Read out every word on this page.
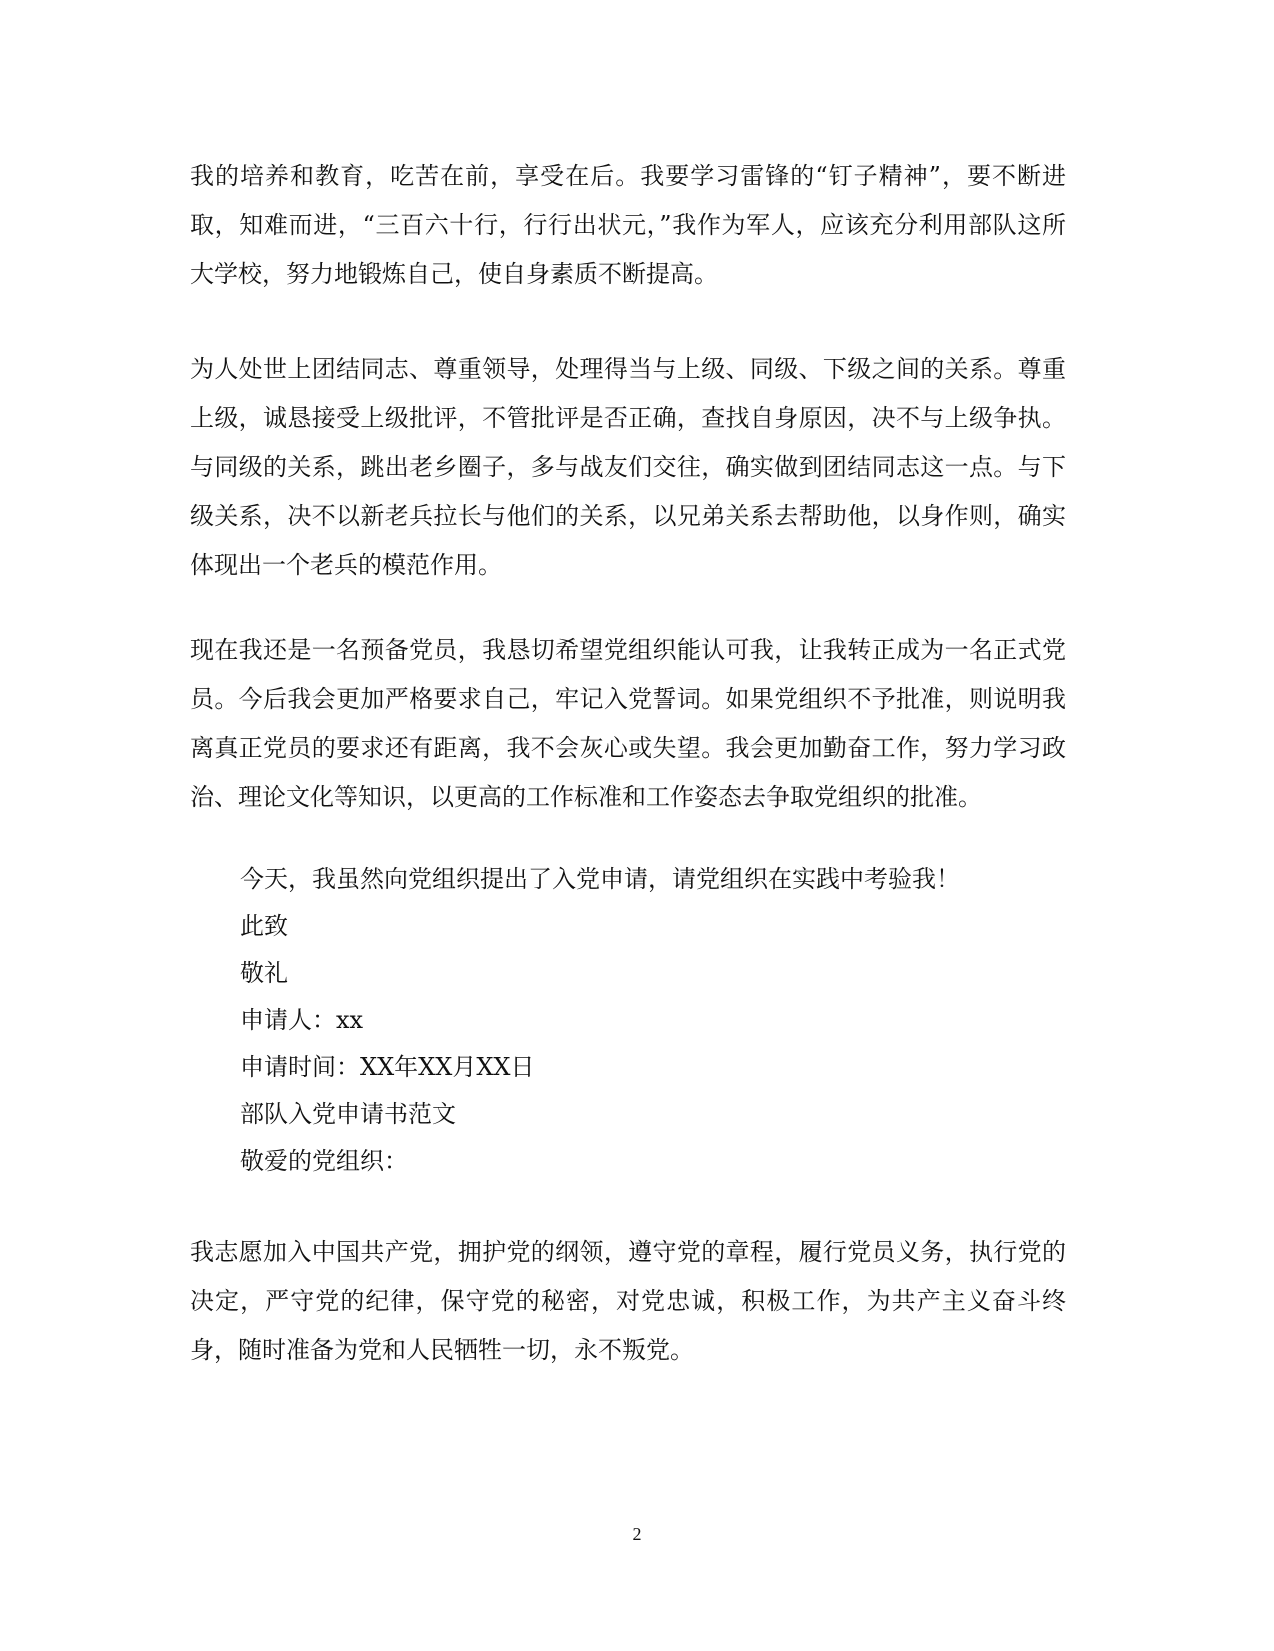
我的培养和教育，吃苦在前，享受在后。我要学习雷锋的“钉子精神”，要不断进取，知难而进，“三百六十行，行行出状元，”我作为军人，应该充分利用部队这所大学校，努力地锻炼自己，使自身素质不断提高。

为人处世上团结同志、尊重领导，处理得当与上级、同级、下级之间的关系。尊重上级，诚恳接受上级批评，不管批评是否正确，查找自身原因，决不与上级争执。与同级的关系，跳出老乡圈子，多与战友们交往，确实做到团结同志这一点。与下级关系，决不以新老兵拉长与他们的关系，以兄弟关系去帮助他，以身作则，确实体现出一个老兵的模范作用。

现在我还是一名预备党员，我恳切希望党组织能认可我，让我转正成为一名正式党员。今后我会更加严格要求自己，牢记入党誓词。如果党组织不予批准，则说明我离真正党员的要求还有距离，我不会灰心或失望。我会更加勤奋工作，努力学习政治、理论文化等知识，以更高的工作标准和工作姿态去争取党组织的批准。

今天，我虽然向党组织提出了入党申请，请党组织在实践中考验我！

此致

敬礼

申请人：xx

申请时间：XX年XX月XX日

部队入党申请书范文

敬爱的党组织：

我志愿加入中国共产党，拥护党的纲领，遵守党的章程，履行党员义务，执行党的决定，严守党的纪律，保守党的秘密，对党忠诚，积极工作，为共产主义奋斗终身，随时准备为党和人民牺牲一切，永不叛党。

2
